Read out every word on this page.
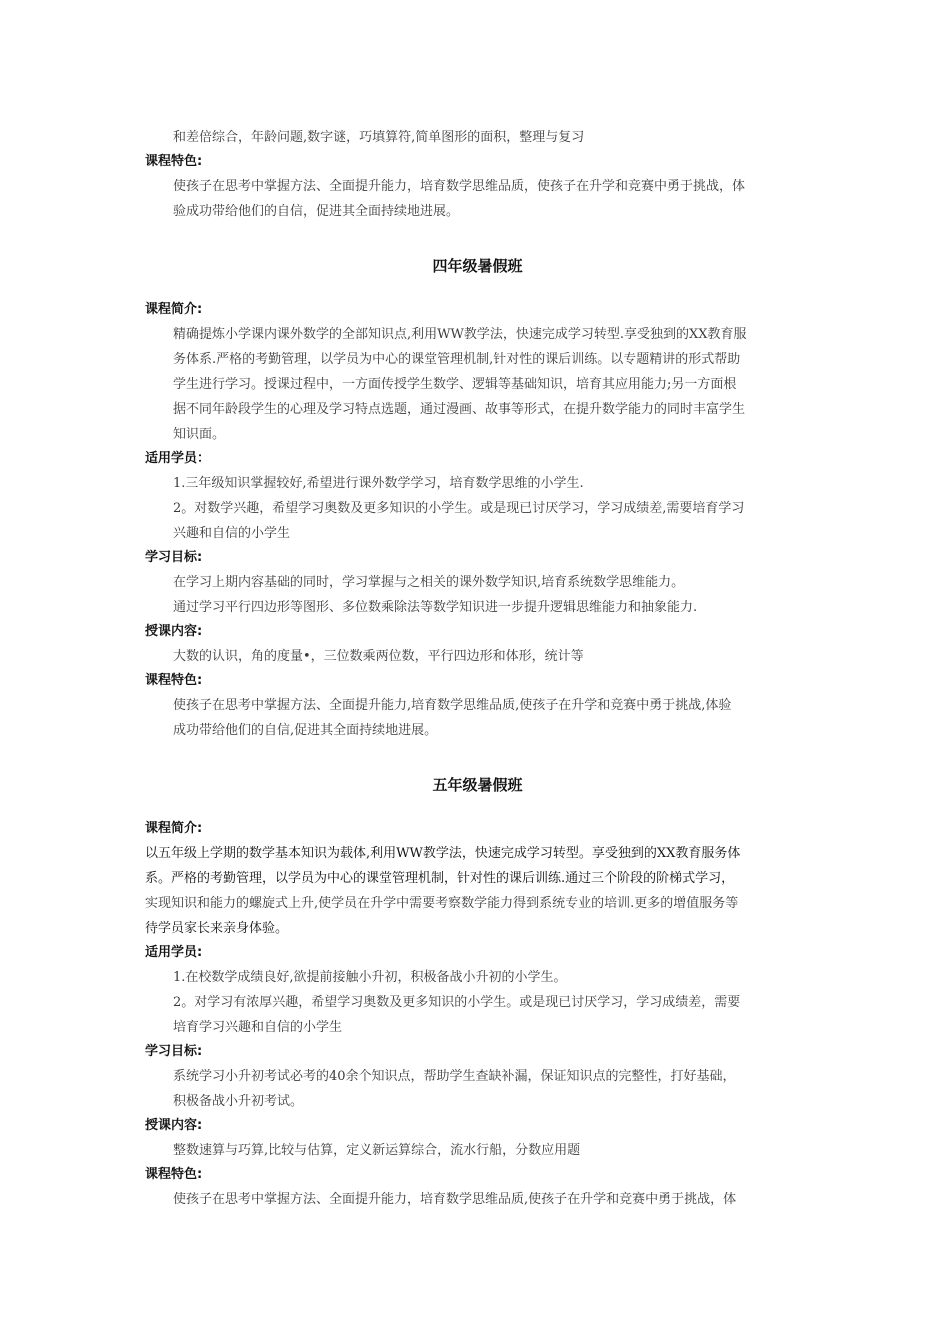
和差倍综合，年龄问题,数字谜，巧填算符,简单图形的面积，整理与复习
课程特色:
使孩子在思考中掌握方法、全面提升能力，培育数学思维品质，使孩子在升学和竞赛中勇于挑战，体
验成功带给他们的自信，促进其全面持续地进展。
四年级暑假班
课程简介:
精确提炼小学课内课外数学的全部知识点,利用WW教学法，快速完成学习转型.享受独到的XX教育服
务体系.严格的考勤管理，以学员为中心的课堂管理机制,针对性的课后训练。以专题精讲的形式帮助
学生进行学习。授课过程中，一方面传授学生数学、逻辑等基础知识，培育其应用能力;另一方面根
据不同年龄段学生的心理及学习特点选题，通过漫画、故事等形式，在提升数学能力的同时丰富学生
知识面。
适用学员：
1.三年级知识掌握较好,希望进行课外数学学习，培育数学思维的小学生.
2。对数学兴趣，希望学习奥数及更多知识的小学生。或是现已讨厌学习，学习成绩差,需要培育学习
兴趣和自信的小学生
学习目标:
在学习上期内容基础的同时，学习掌握与之相关的课外数学知识,培育系统数学思维能力。
通过学习平行四边形等图形、多位数乘除法等数学知识进一步提升逻辑思维能力和抽象能力.
授课内容:
大数的认识，角的度量•，三位数乘两位数，平行四边形和体形，统计等
课程特色:
使孩子在思考中掌握方法、全面提升能力,培育数学思维品质,使孩子在升学和竞赛中勇于挑战,体验
成功带给他们的自信,促进其全面持续地进展。
五年级暑假班
课程简介:
以五年级上学期的数学基本知识为载体,利用WW教学法，快速完成学习转型。享受独到的XX教育服务体
系。严格的考勤管理，以学员为中心的课堂管理机制，针对性的课后训练.通过三个阶段的阶梯式学习，
实现知识和能力的螺旋式上升,使学员在升学中需要考察数学能力得到系统专业的培训.更多的增值服务等
待学员家长来亲身体验。
适用学员:
1.在校数学成绩良好,欲提前接触小升初，积极备战小升初的小学生。
2。对学习有浓厚兴趣，希望学习奥数及更多知识的小学生。或是现已讨厌学习，学习成绩差，需要
培育学习兴趣和自信的小学生
学习目标:
系统学习小升初考试必考的40余个知识点，帮助学生查缺补漏，保证知识点的完整性，打好基础，
积极备战小升初考试。
授课内容:
整数速算与巧算,比较与估算，定义新运算综合，流水行船，分数应用题
课程特色:
使孩子在思考中掌握方法、全面提升能力，培育数学思维品质,使孩子在升学和竞赛中勇于挑战，体
